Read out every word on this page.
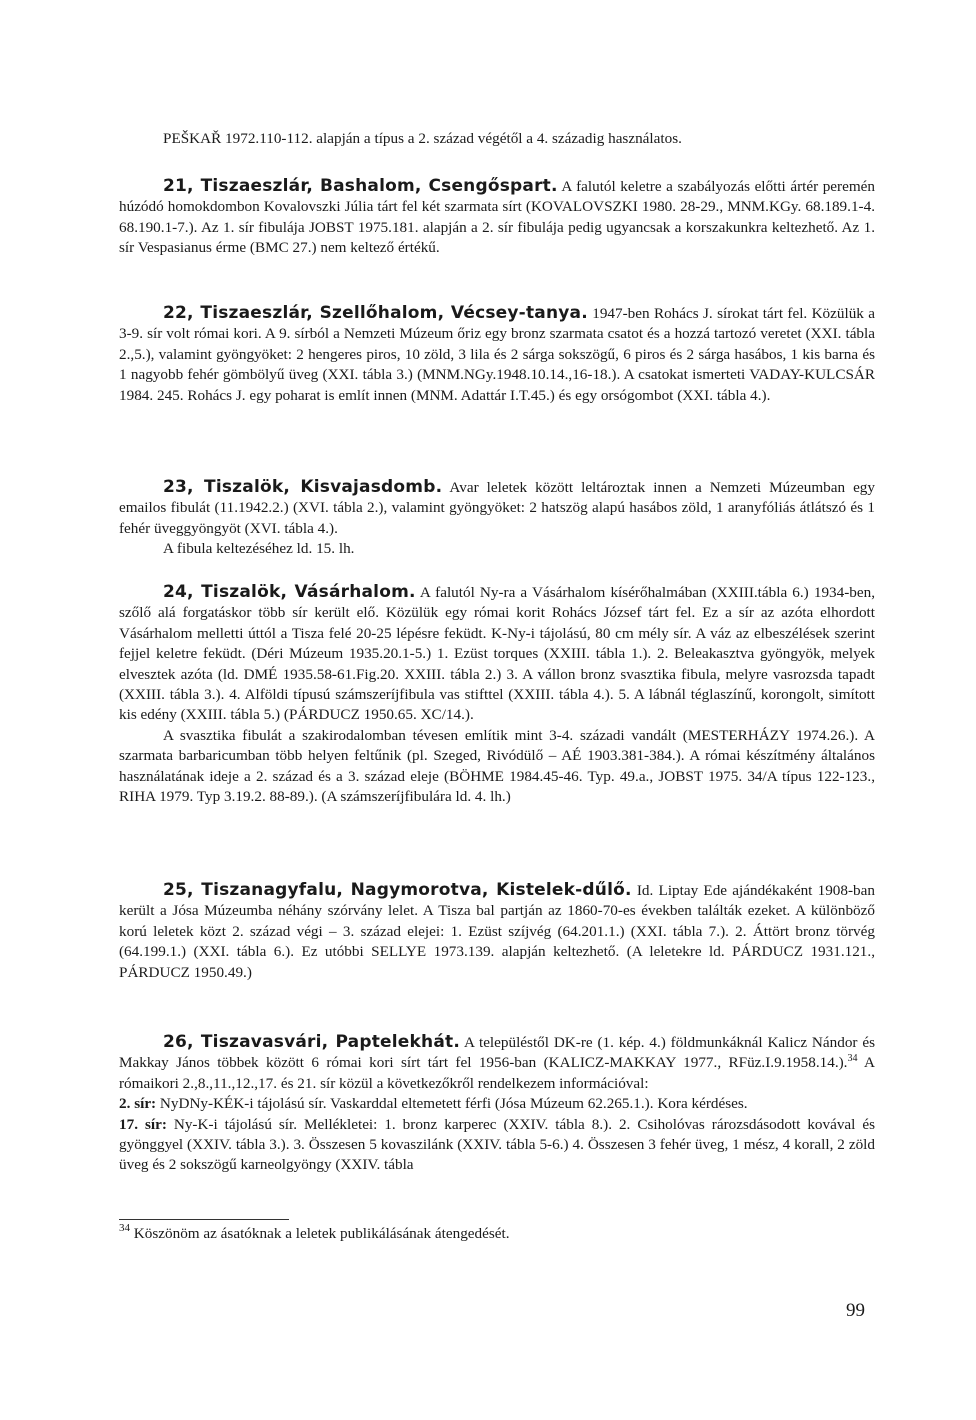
PEŠKAŘ 1972.110-112. alapján a típus a 2. század végétől a 4. századig használatos.

21, Tiszaeszlár, Bashalom, Csengőspart. A falutól keletre a szabályozás előtti ártér peremén húzódó homokdombon Kovalovszki Júlia tárt fel két szarmata sírt (KOVALOVSZKI 1980. 28-29., MNM.KGy. 68.189.1-4. 68.190.1-7.). Az 1. sír fibulája JOBST 1975.181. alapján a 2. sír fibulája pedig ugyancsak a korszakunkra keltezhető. Az 1. sír Vespasianus érme (BMC 27.) nem keltező értékű.

22, Tiszaeszlár, Szellőhalom, Vécsey-tanya. 1947-ben Rohács J. sírokat tárt fel. Közülük a 3-9. sír volt római kori. A 9. sírból a Nemzeti Múzeum őriz egy bronz szarmata csatot és a hozzá tartozó veretet (XXI. tábla 2.,5.), valamint gyöngyöket: 2 hengeres piros, 10 zöld, 3 lila és 2 sárga sokszögű, 6 piros és 2 sárga hasábos, 1 kis barna és 1 nagyobb fehér gömbölyű üveg (XXI. tábla 3.) (MNM.NGy.1948.10.14.,16-18.). A csatokat ismerteti VADAY-KULCSÁR 1984. 245. Rohács J. egy poharat is említ innen (MNM. Adattár I.T.45.) és egy orsógombot (XXI. tábla 4.).

23, Tiszalök, Kisvajasdomb. Avar leletek között leltároztak innen a Nemzeti Múzeumban egy emailos fibulát (11.1942.2.) (XVI. tábla 2.), valamint gyöngyöket: 2 hatszög alapú hasábos zöld, 1 aranyfóliás átlátszó és 1 fehér üveggyöngyöt (XVI. tábla 4.).

A fibula keltezéséhez ld. 15. lh.

24, Tiszalök, Vásárhalom. A falutól Ny-ra a Vásárhalom kísérőhalmában (XXIII.tábla 6.) 1934-ben, szőlő alá forgatáskor több sír került elő. Közülük egy római korit Rohács József tárt fel. Ez a sír az azóta elhordott Vásárhalom melletti úttól a Tisza felé 20-25 lépésre feküdt. K-Ny-i tájolású, 80 cm mély sír. A váz az elbeszélések szerint fejjel keletre feküdt. (Déri Múzeum 1935.20.1-5.) 1. Ezüst torques (XXIII. tábla 1.). 2. Beleakasztva gyöngyök, melyek elvesztek azóta (ld. DMÉ 1935.58-61.Fig.20. XXIII. tábla 2.) 3. A vállon bronz svasztika fibula, melyre vasrozsda tapadt (XXIII. tábla 3.). 4. Alföldi típusú számszeríjfibula vas stifttel (XXIII. tábla 4.). 5. A lábnál téglaszínű, korongolt, simított kis edény (XXIII. tábla 5.) (PÁRDUCZ 1950.65. XC/14.).

A svasztika fibulát a szakirodalomban tévesen említik mint 3-4. századi vandált (MESTERHÁZY 1974.26.). A szarmata barbaricumban több helyen feltűnik (pl. Szeged, Rivódülő – AÉ 1903.381-384.). A római készítmény általános használatának ideje a 2. század és a 3. század eleje (BÖHME 1984.45-46. Typ. 49.a., JOBST 1975. 34/A típus 122-123., RIHA 1979. Typ 3.19.2. 88-89.). (A számszeríjfibulára ld. 4. lh.)

25, Tiszanagyfalu, Nagymorotva, Kistelek-dűlő. Id. Liptay Ede ajándékaként 1908-ban került a Jósa Múzeumba néhány szórvány lelet. A Tisza bal partján az 1860-70-es években találták ezeket. A különböző korú leletek közt 2. század végi – 3. század elejei: 1. Ezüst szíjvég (64.201.1.) (XXI. tábla 7.). 2. Áttört bronz törvég (64.199.1.) (XXI. tábla 6.). Ez utóbbi SELLYE 1973.139. alapján keltezhető. (A leletekre ld. PÁRDUCZ 1931.121., PÁRDUCZ 1950.49.)

26, Tiszavasvári, Paptelekhát. A településtől DK-re (1. kép. 4.) földmunkáknál Kalicz Nándor és Makkay János többek között 6 római kori sírt tárt fel 1956-ban (KALICZ-MAKKAY 1977., RFüz.I.9.1958.14.).$^{34}$ A rómaikori 2.,8.,11.,12.,17. és 21. sír közül a következőkről rendelkezem információval:

2. sír: NyDNy-KÉK-i tájolású sír. Vaskarddal eltemetett férfi (Jósa Múzeum 62.265.1.). Kora kérdéses.

17. sír: Ny-K-i tájolású sír. Mellékletei: 1. bronz karperec (XXIV. tábla 8.). 2. Csiholóvas rározsdásodott kovával és gyönggyel (XXIV. tábla 3.). 3. Összesen 5 kovaszilánk (XXIV. tábla 5-6.) 4. Összesen 3 fehér üveg, 1 mész, 4 korall, 2 zöld üveg és 2 sokszögű karneolgyöngy (XXIV. tábla

$^{34}$ Köszönöm az ásatóknak a leletek publikálásának átengedését.
99
